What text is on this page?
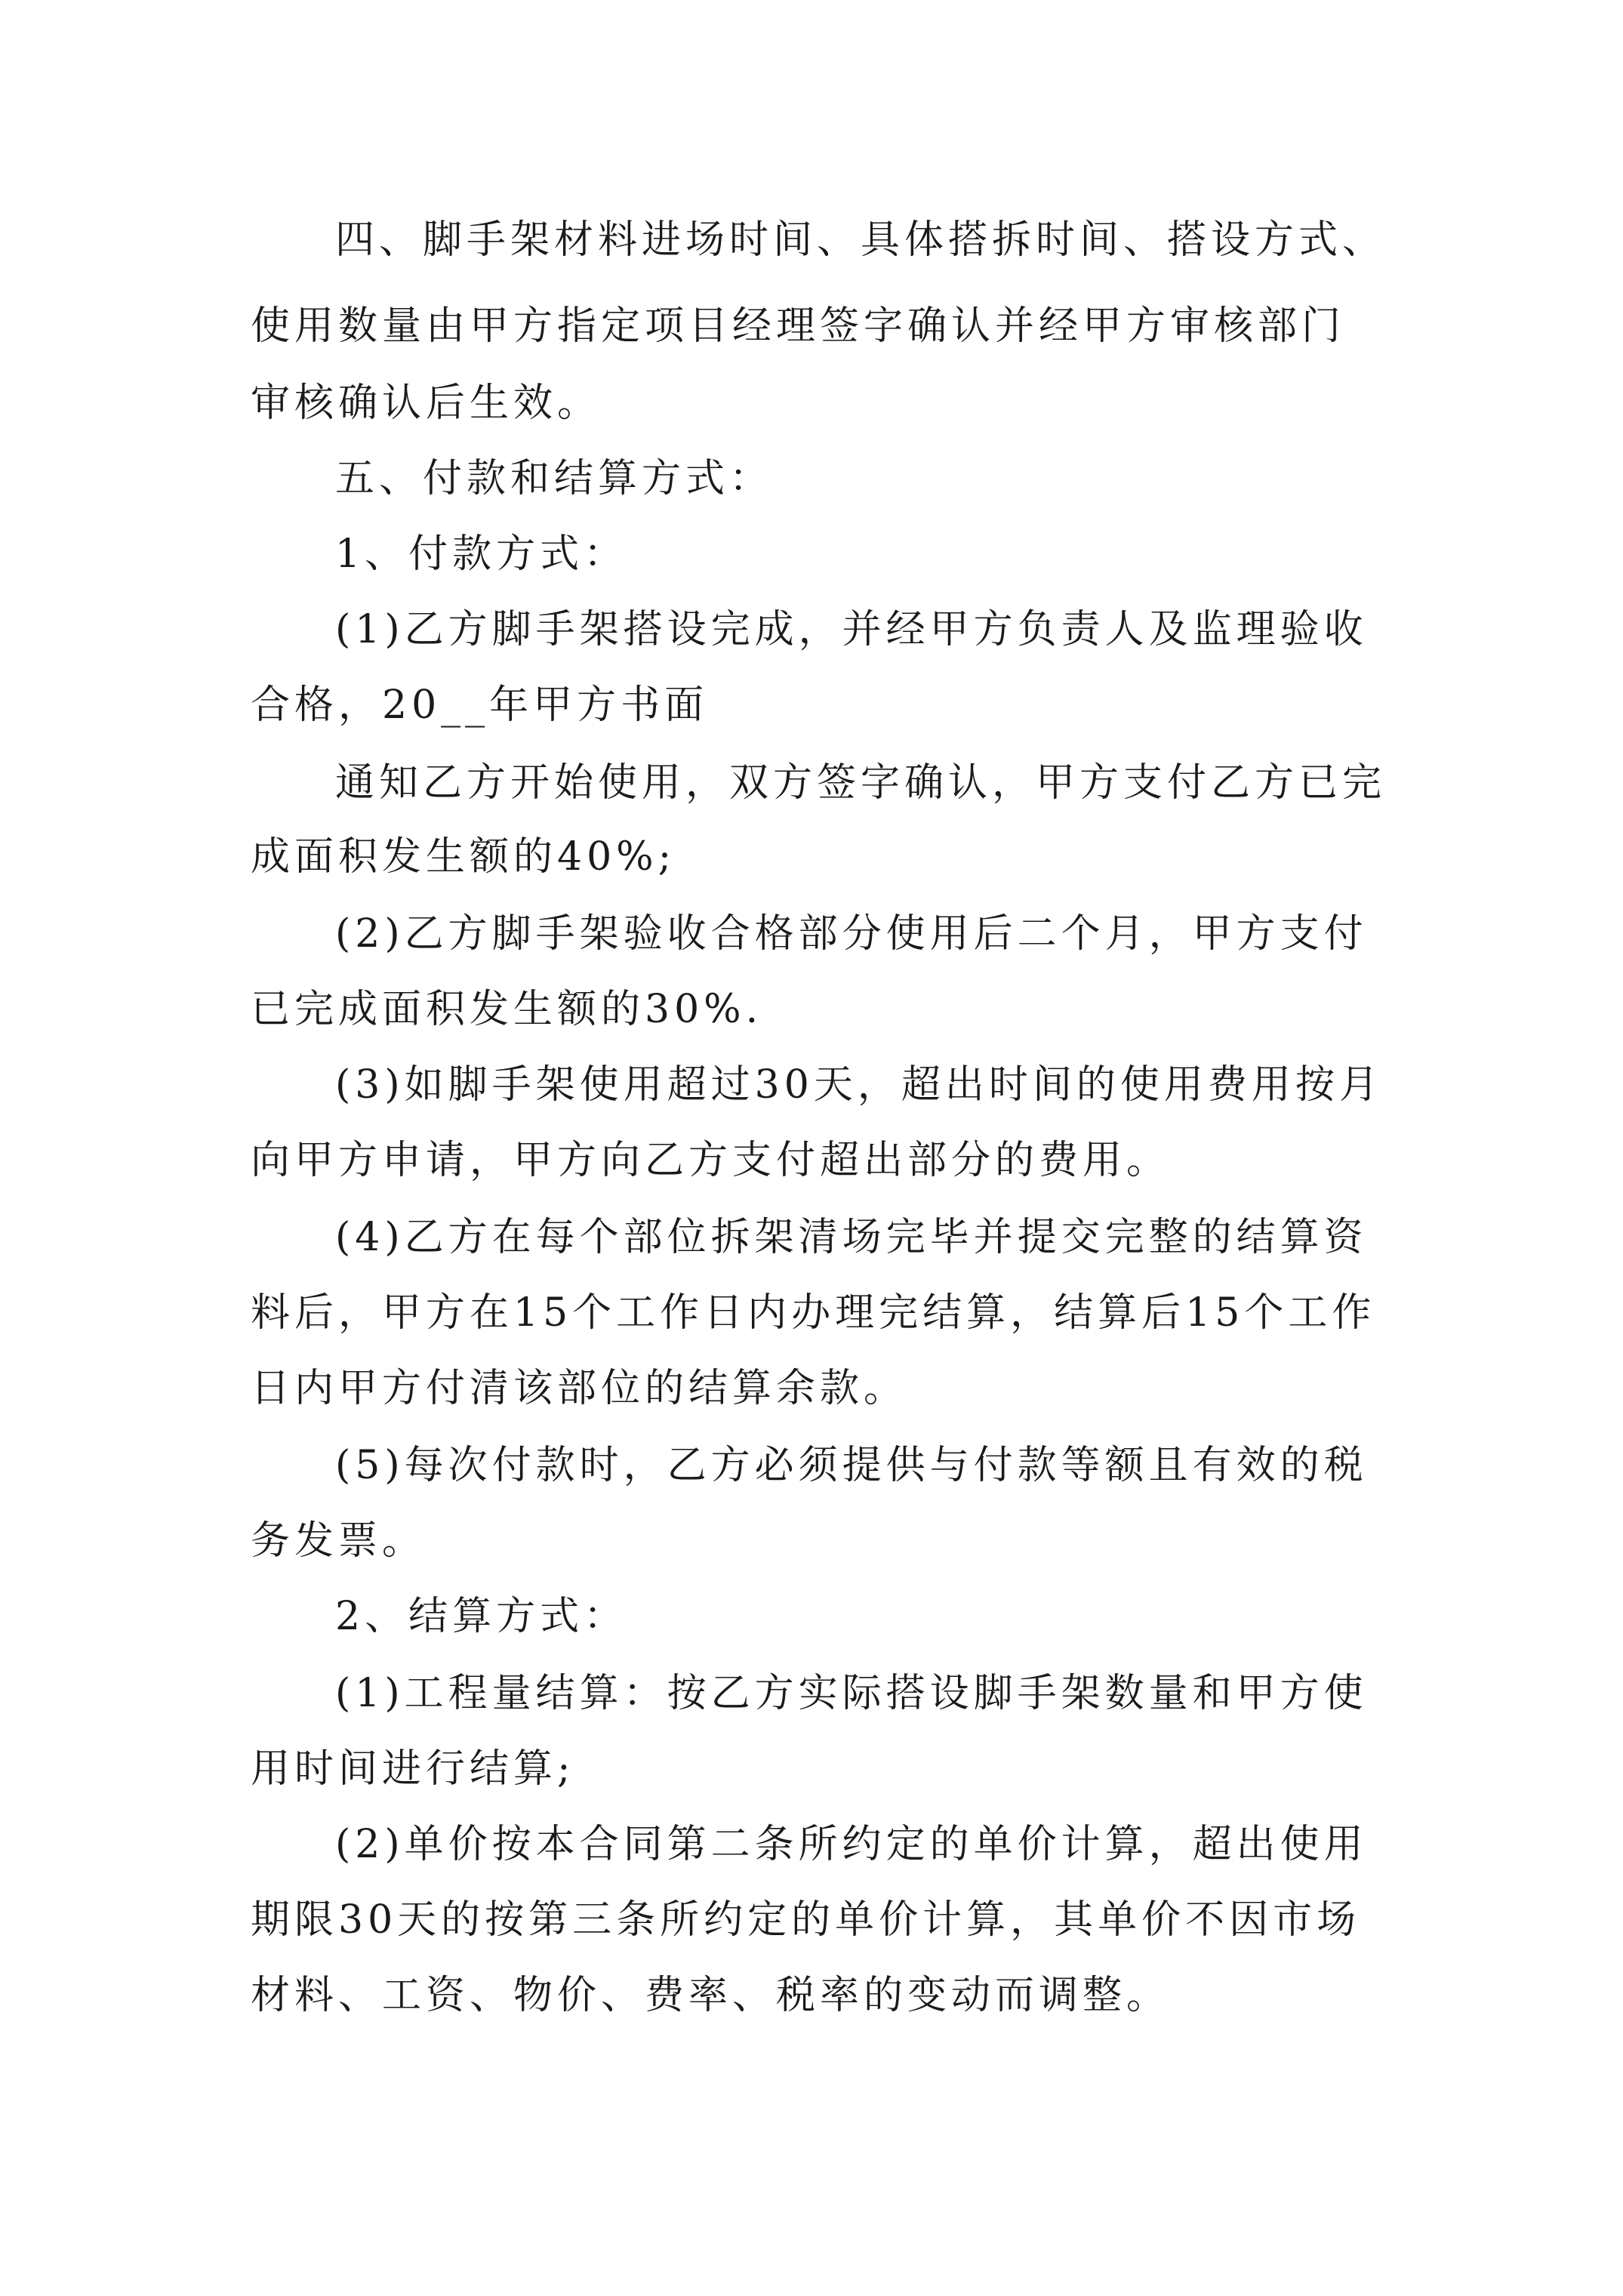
四、脚手架材料进场时间、具体搭拆时间、搭设方式、
使用数量由甲方指定项目经理签字确认并经甲方审核部门
审核确认后生效。
五、付款和结算方式：
1、付款方式：
(1)乙方脚手架搭设完成，并经甲方负责人及监理验收
合格，20__年甲方书面
通知乙方开始使用，双方签字确认，甲方支付乙方已完
成面积发生额的40%;
(2)乙方脚手架验收合格部分使用后二个月，甲方支付
已完成面积发生额的30%.
(3)如脚手架使用超过30天，超出时间的使用费用按月
向甲方申请，甲方向乙方支付超出部分的费用。
(4)乙方在每个部位拆架清场完毕并提交完整的结算资
料后，甲方在15个工作日内办理完结算，结算后15个工作
日内甲方付清该部位的结算余款。
(5)每次付款时，乙方必须提供与付款等额且有效的税
务发票。
2、结算方式：
(1)工程量结算：按乙方实际搭设脚手架数量和甲方使
用时间进行结算;
(2)单价按本合同第二条所约定的单价计算，超出使用
期限30天的按第三条所约定的单价计算，其单价不因市场
材料、工资、物价、费率、税率的变动而调整。
